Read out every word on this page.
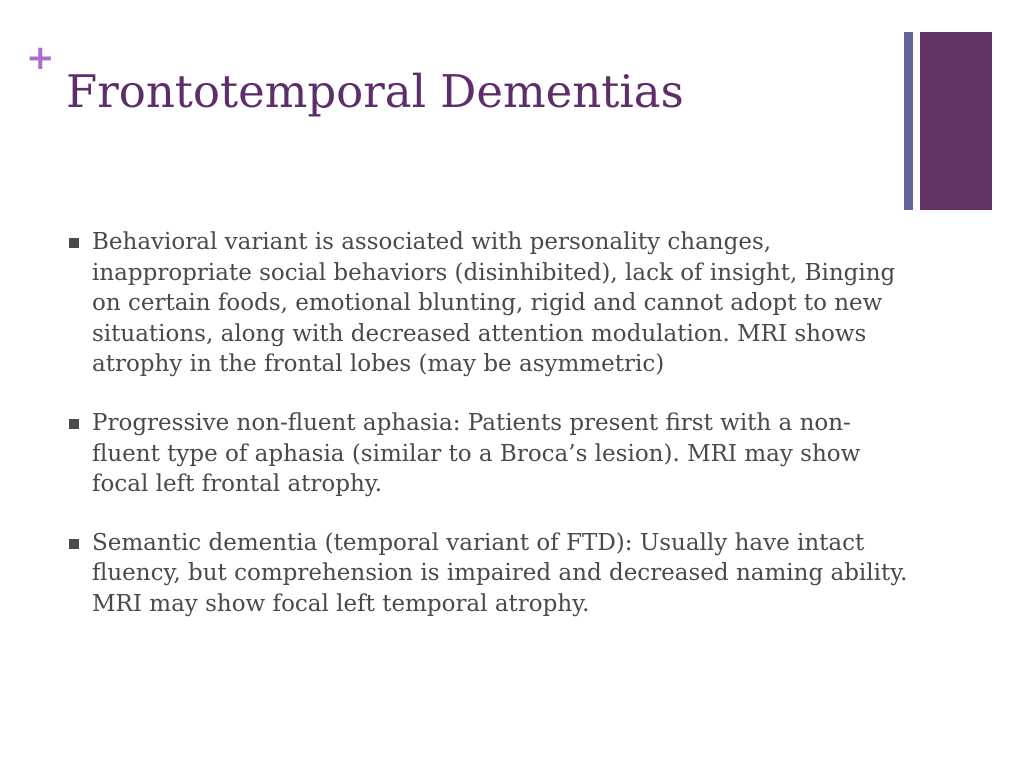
+
Frontotemporal Dementias
Behavioral variant is associated with personality changes, inappropriate social behaviors (disinhibited), lack of insight, Binging on certain foods, emotional blunting, rigid and cannot adopt to new situations, along with decreased attention modulation. MRI shows atrophy in the frontal lobes (may be asymmetric)
Progressive non-fluent aphasia: Patients present first with a non-fluent type of aphasia (similar to a Broca’s lesion). MRI may show focal left frontal atrophy.
Semantic dementia (temporal variant of FTD): Usually have intact fluency, but comprehension is impaired and decreased naming ability. MRI may show focal left temporal atrophy.
